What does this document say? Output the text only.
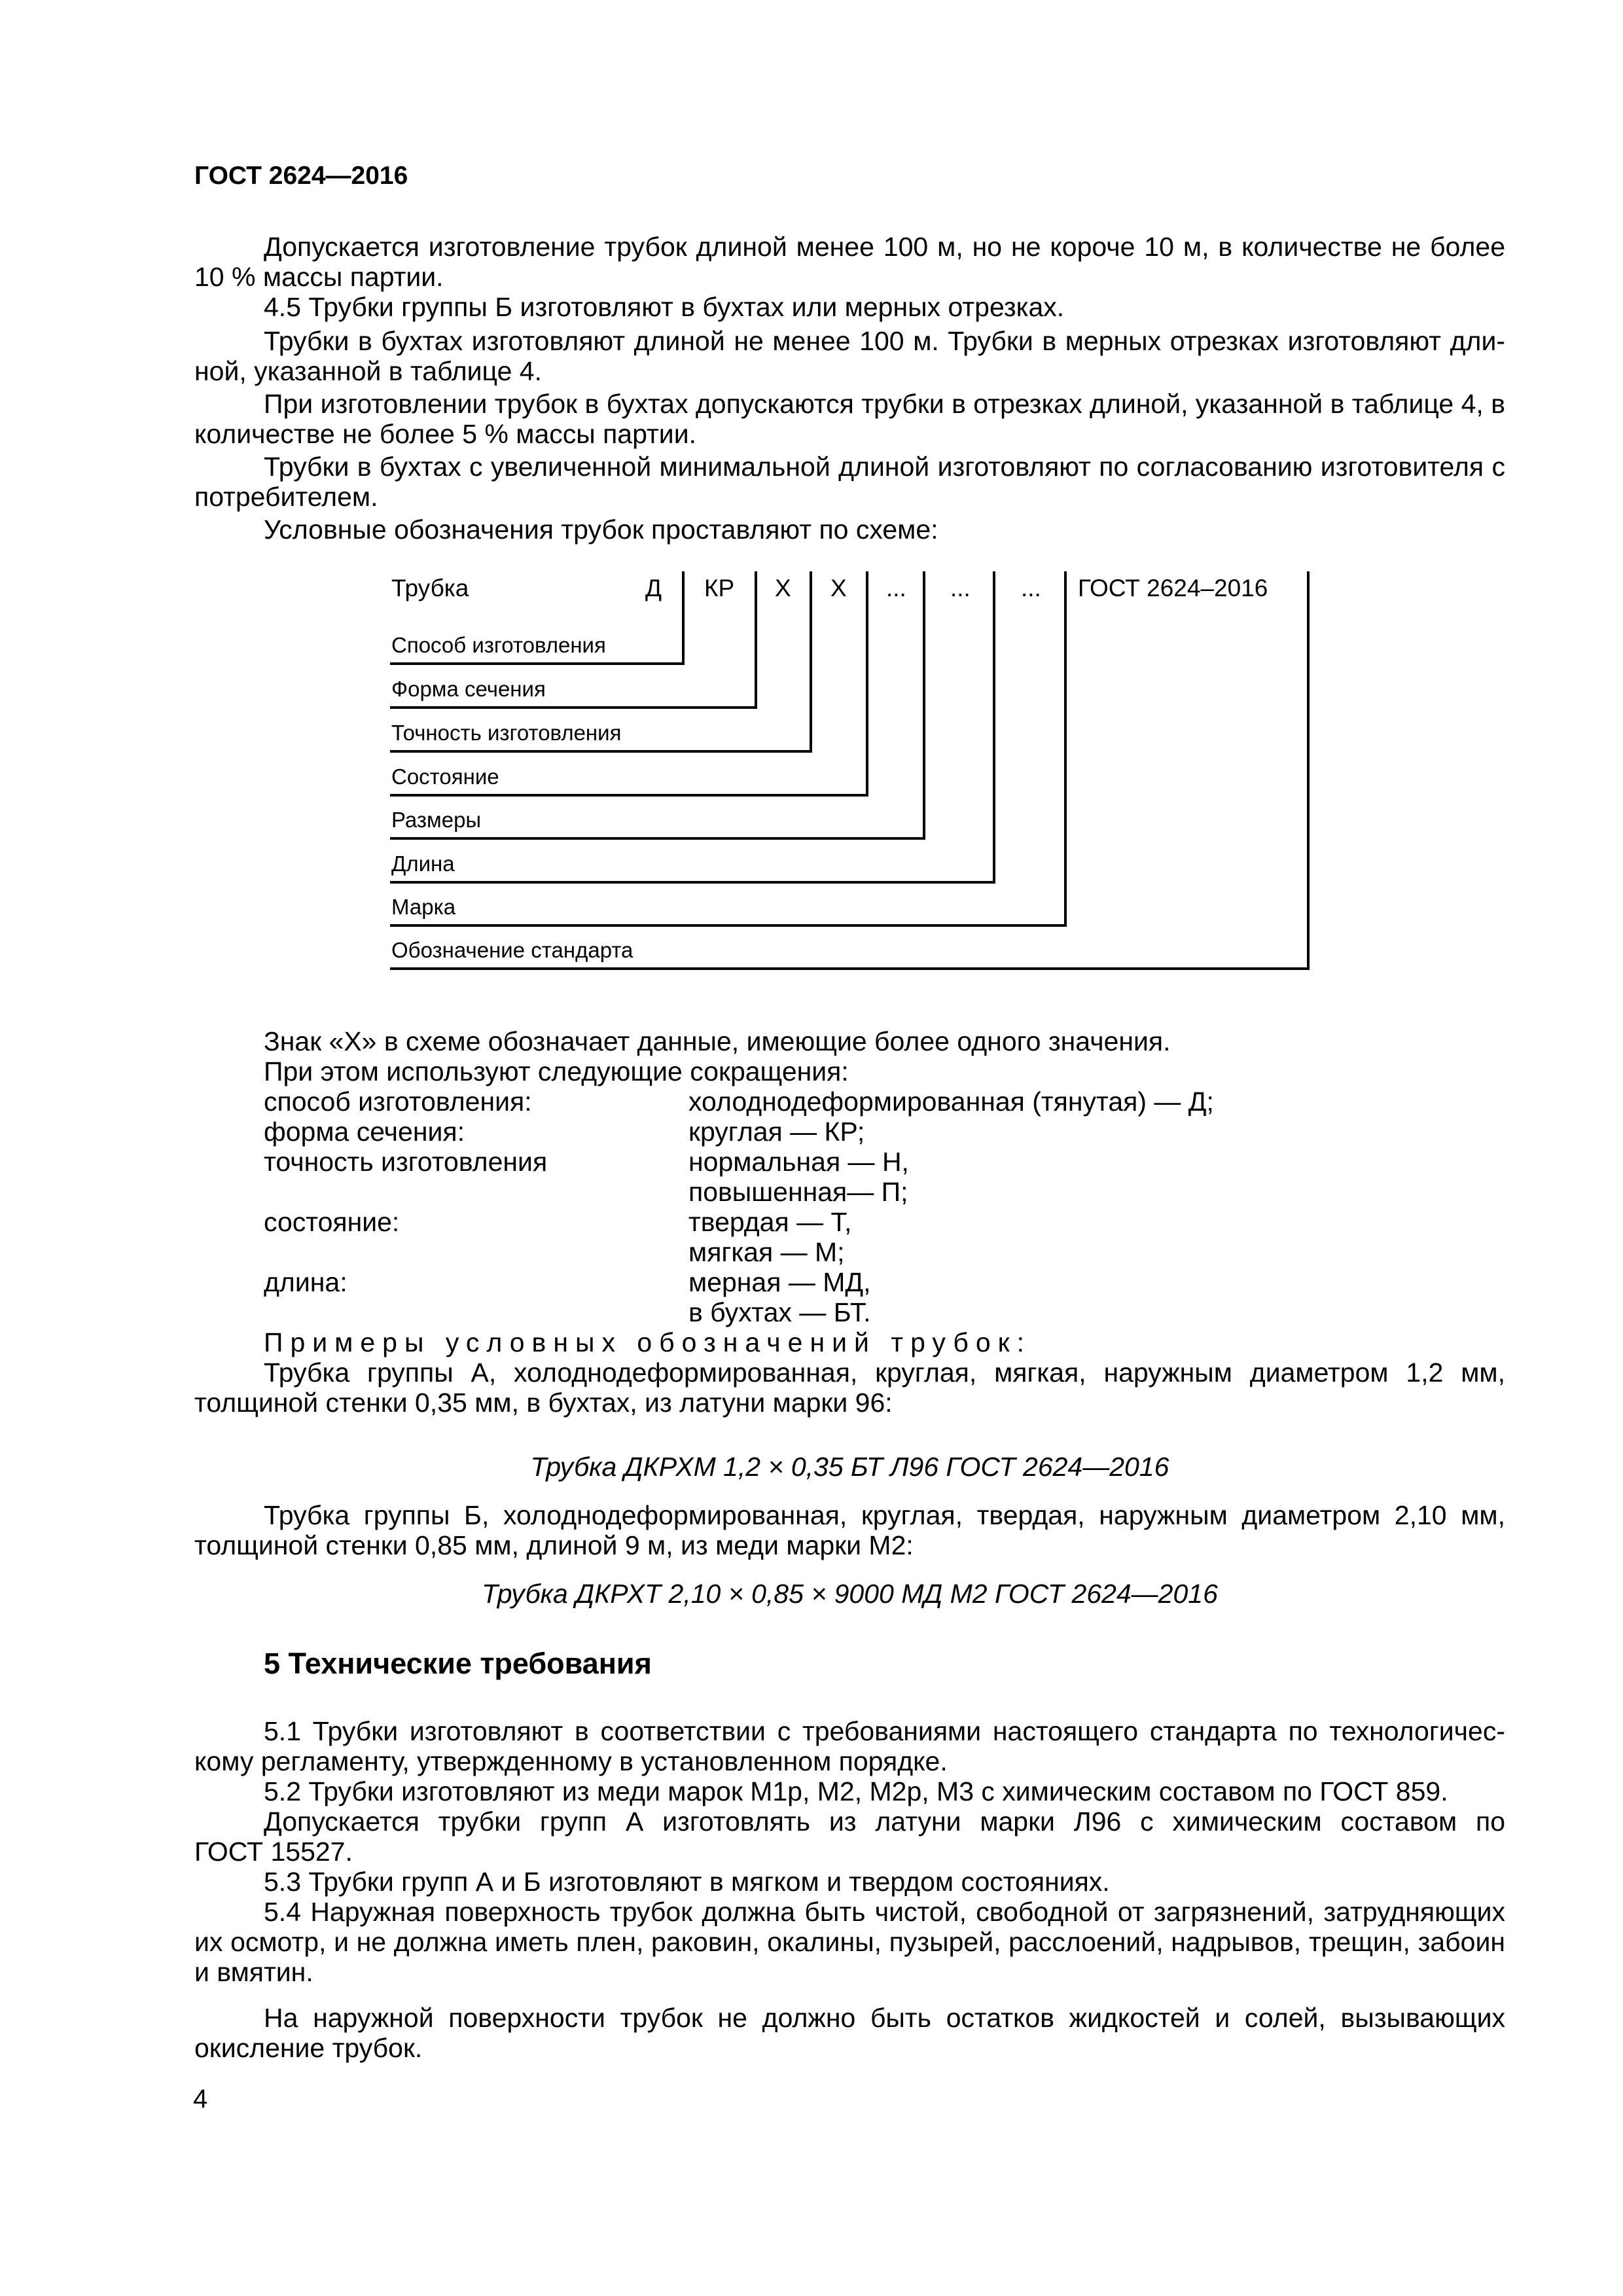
ГОСТ 2624—2016
Допускается изготовление трубок длиной менее 100 м, но не короче 10 м, в количестве не более
10 % массы партии.
4.5 Трубки группы Б изготовляют в бухтах или мерных отрезках.
Трубки в бухтах изготовляют длиной не менее 100 м. Трубки в мерных отрезках изготовляют дли-
ной, указанной в таблице 4.
При изготовлении трубок в бухтах допускаются трубки в отрезках длиной, указанной в таблице 4, в
количестве не более 5 % массы партии.
Трубки в бухтах с увеличенной минимальной длиной изготовляют по согласованию изготовителя с
потребителем.
Условные обозначения трубок проставляют по схеме:
Трубка	Д КР Х Х ... ... ... ГОСТ 2624–2016
Способ изготовления
Форма сечения
Точность изготовления
Состояние
Размеры
Длина
Марка
Обозначение стандарта
Знак «Х» в схеме обозначает данные, имеющие более одного значения.
При этом используют следующие сокращения:
способ изготовления:	холоднодеформированная (тянутая) — Д;
форма сечения:	круглая — КР;
точность изготовления	нормальная — Н,
повышенная— П;
состояние:	твердая — Т,
мягкая — М;
длина:	мерная — МД,
в бухтах — БТ.
Примеры условных обозначений трубок:
Трубка группы А, холоднодеформированная, круглая, мягкая, наружным диаметром 1,2 мм,
толщиной стенки 0,35 мм, в бухтах, из латуни марки 96:
Трубка ДКРХМ 1,2 × 0,35 БТ Л96 ГОСТ 2624—2016
Трубка группы Б, холоднодеформированная, круглая, твердая, наружным диаметром 2,10 мм,
толщиной стенки 0,85 мм, длиной 9 м, из меди марки М2:
Трубка ДКРХТ 2,10 × 0,85 × 9000 МД М2 ГОСТ 2624—2016
5 Технические требования
5.1 Трубки изготовляют в соответствии с требованиями настоящего стандарта по технологичес-
кому регламенту, утвержденному в установленном порядке.
5.2 Трубки изготовляют из меди марок М1р, М2, М2р, М3 с химическим составом по ГОСТ 859.
Допускается трубки групп А изготовлять из латуни марки Л96 с химическим составом по
ГОСТ 15527.
5.3 Трубки групп А и Б изготовляют в мягком и твердом состояниях.
5.4 Наружная поверхность трубок должна быть чистой, свободной от загрязнений, затрудняющих
их осмотр, и не должна иметь плен, раковин, окалины, пузырей, расслоений, надрывов, трещин, забоин
и вмятин.
На наружной поверхности трубок не должно быть остатков жидкостей и солей, вызывающих
окисление трубок.
4
